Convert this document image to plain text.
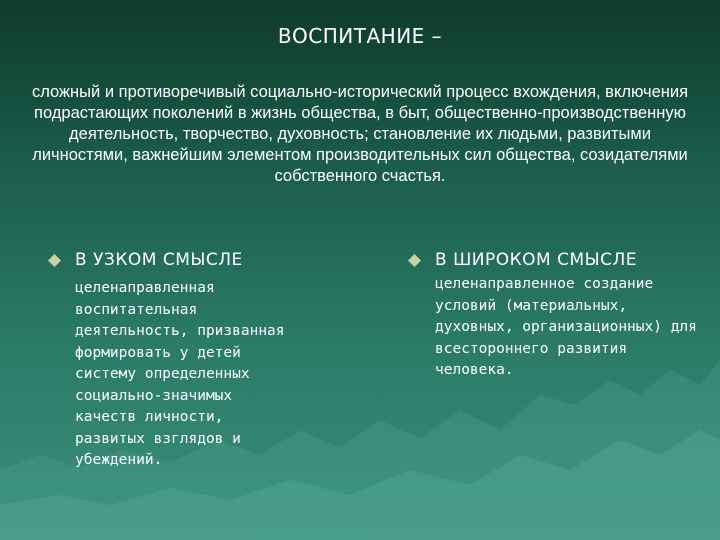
ВОСПИТАНИЕ –
сложный и противоречивый социально-исторический процесс вхождения, включения подрастающих поколений в жизнь общества, в быт, общественно-производственную деятельность, творчество, духовность; становление их людьми, развитыми личностями, важнейшим элементом производительных сил общества, созидателями собственного счастья.
В УЗКОМ СМЫСЛЕ
целенаправленная воспитательная деятельность, призванная формировать у детей систему определенных социально-значимых качеств личности, развитых взглядов и убеждений.
В ШИРОКОМ СМЫСЛЕ
целенаправленное создание условий (материальных, духовных, организационных) для всестороннего развития человека.
